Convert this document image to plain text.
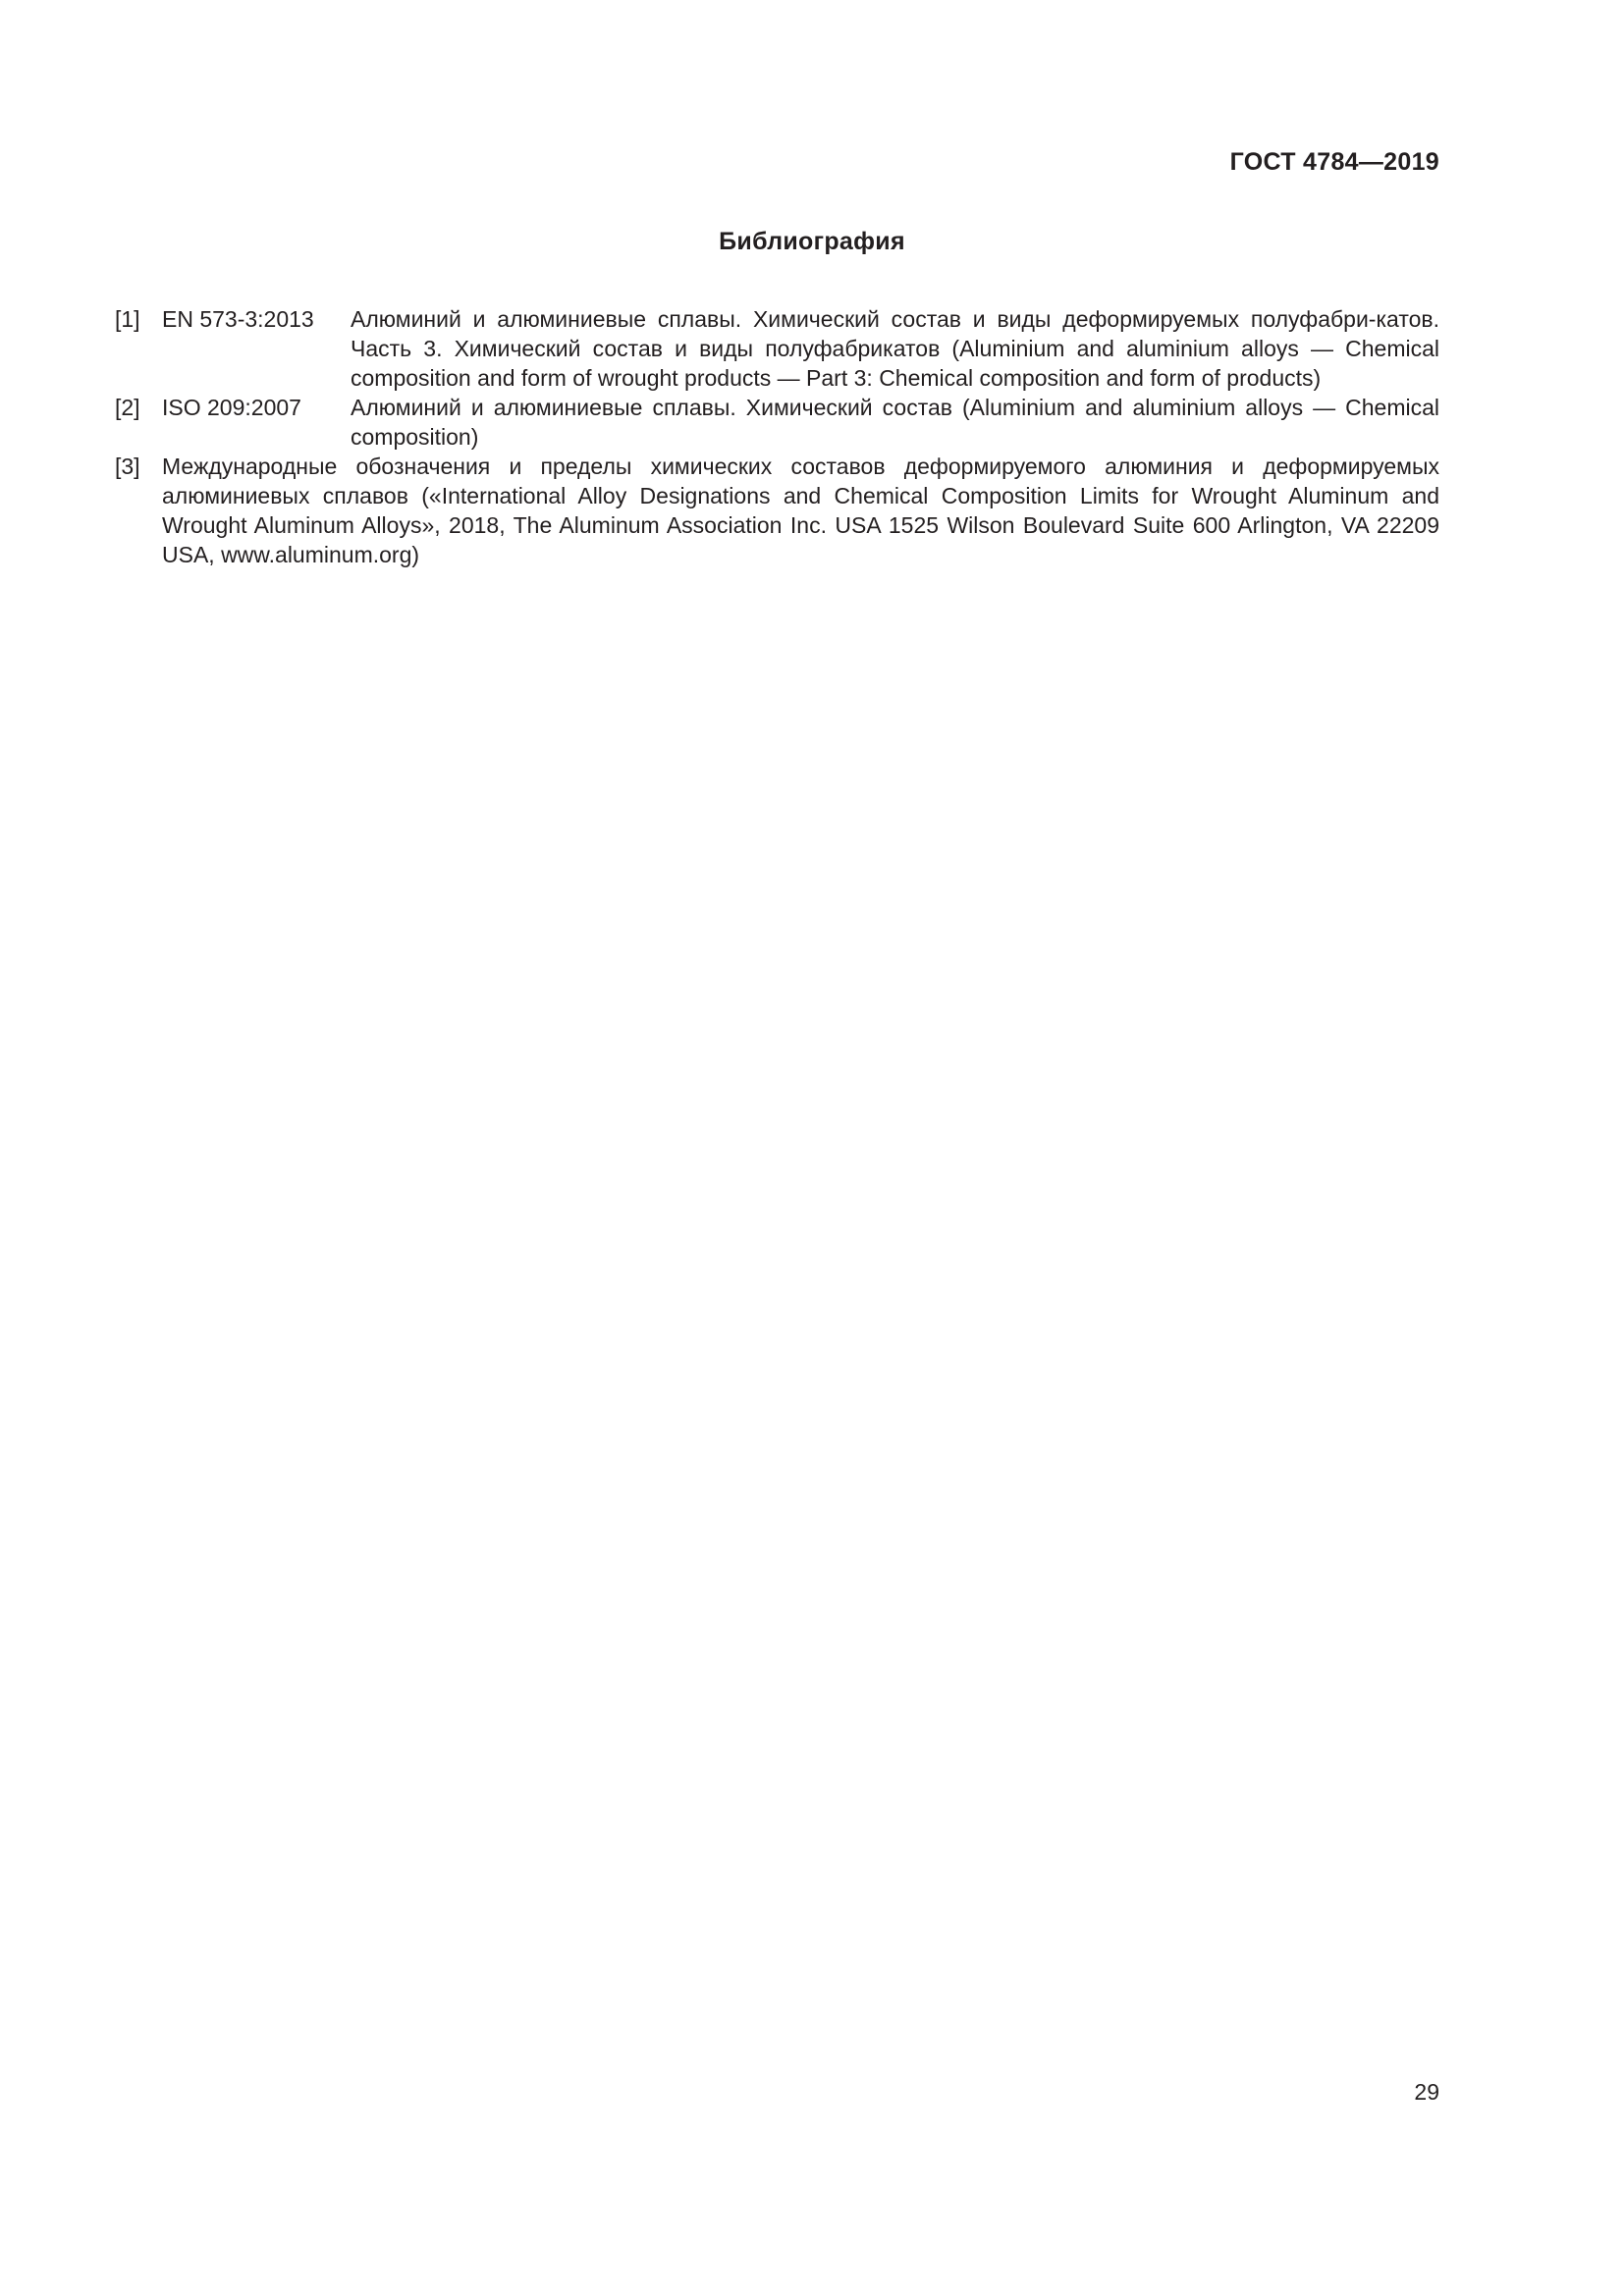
ГОСТ 4784—2019
Библиография
[1] EN 573-3:2013	Алюминий и алюминиевые сплавы. Химический состав и виды деформируемых полуфабри-катов. Часть 3. Химический состав и виды полуфабрикатов (Aluminium and aluminium alloys — Chemical composition and form of wrought products — Part 3: Chemical composition and form of products)
[2] ISO 209:2007	Алюминий и алюминиевые сплавы. Химический состав (Aluminium and aluminium alloys — Chemical composition)
[3] Международные обозначения и пределы химических составов деформируемого алюминия и деформируемых алюминиевых сплавов («International Alloy Designations and Chemical Composition Limits for Wrought Aluminum and Wrought Aluminum Alloys», 2018, The Aluminum Association Inc. USA 1525 Wilson Boulevard Suite 600 Arlington, VA 22209 USA, www.aluminum.org)
29
